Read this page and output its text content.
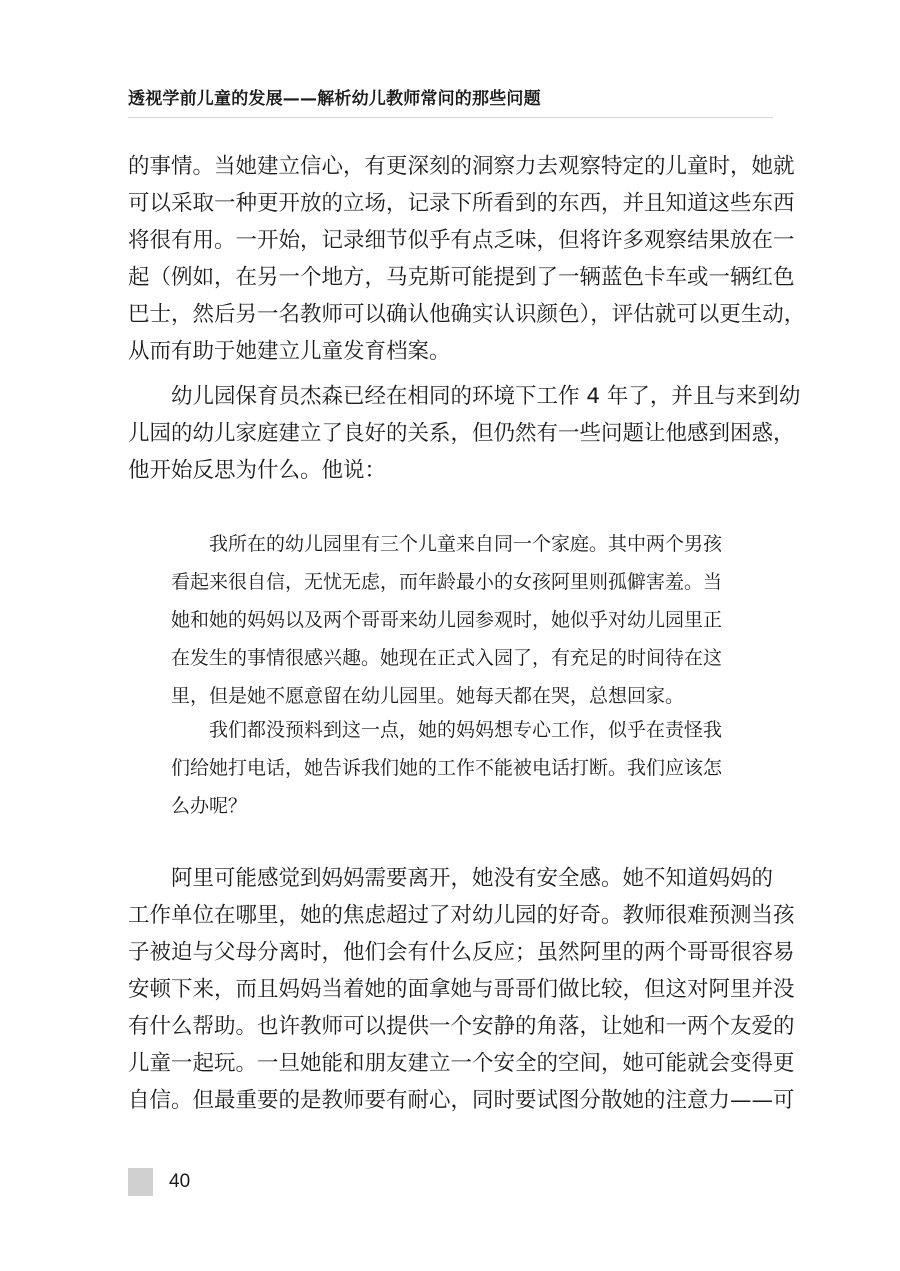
透视学前儿童的发展——解析幼儿教师常问的那些问题
的事情。当她建立信心，有更深刻的洞察力去观察特定的儿童时，她就
可以采取一种更开放的立场，记录下所看到的东西，并且知道这些东西
将很有用。一开始，记录细节似乎有点乏味，但将许多观察结果放在一
起（例如，在另一个地方，马克斯可能提到了一辆蓝色卡车或一辆红色
巴士，然后另一名教师可以确认他确实认识颜色），评估就可以更生动，
从而有助于她建立儿童发育档案。
幼儿园保育员杰森已经在相同的环境下工作 4 年了，并且与来到幼
儿园的幼儿家庭建立了良好的关系，但仍然有一些问题让他感到困惑，
他开始反思为什么。他说：
我所在的幼儿园里有三个儿童来自同一个家庭。其中两个男孩
看起来很自信，无忧无虑，而年龄最小的女孩阿里则孤僻害羞。当
她和她的妈妈以及两个哥哥来幼儿园参观时，她似乎对幼儿园里正
在发生的事情很感兴趣。她现在正式入园了，有充足的时间待在这
里，但是她不愿意留在幼儿园里。她每天都在哭，总想回家。
我们都没预料到这一点，她的妈妈想专心工作，似乎在责怪我
们给她打电话，她告诉我们她的工作不能被电话打断。我们应该怎
么办呢？
阿里可能感觉到妈妈需要离开，她没有安全感。她不知道妈妈的
工作单位在哪里，她的焦虑超过了对幼儿园的好奇。教师很难预测当孩
子被迫与父母分离时，他们会有什么反应；虽然阿里的两个哥哥很容易
安顿下来，而且妈妈当着她的面拿她与哥哥们做比较，但这对阿里并没
有什么帮助。也许教师可以提供一个安静的角落，让她和一两个友爱的
儿童一起玩。一旦她能和朋友建立一个安全的空间，她可能就会变得更
自信。但最重要的是教师要有耐心，同时要试图分散她的注意力——可
40
